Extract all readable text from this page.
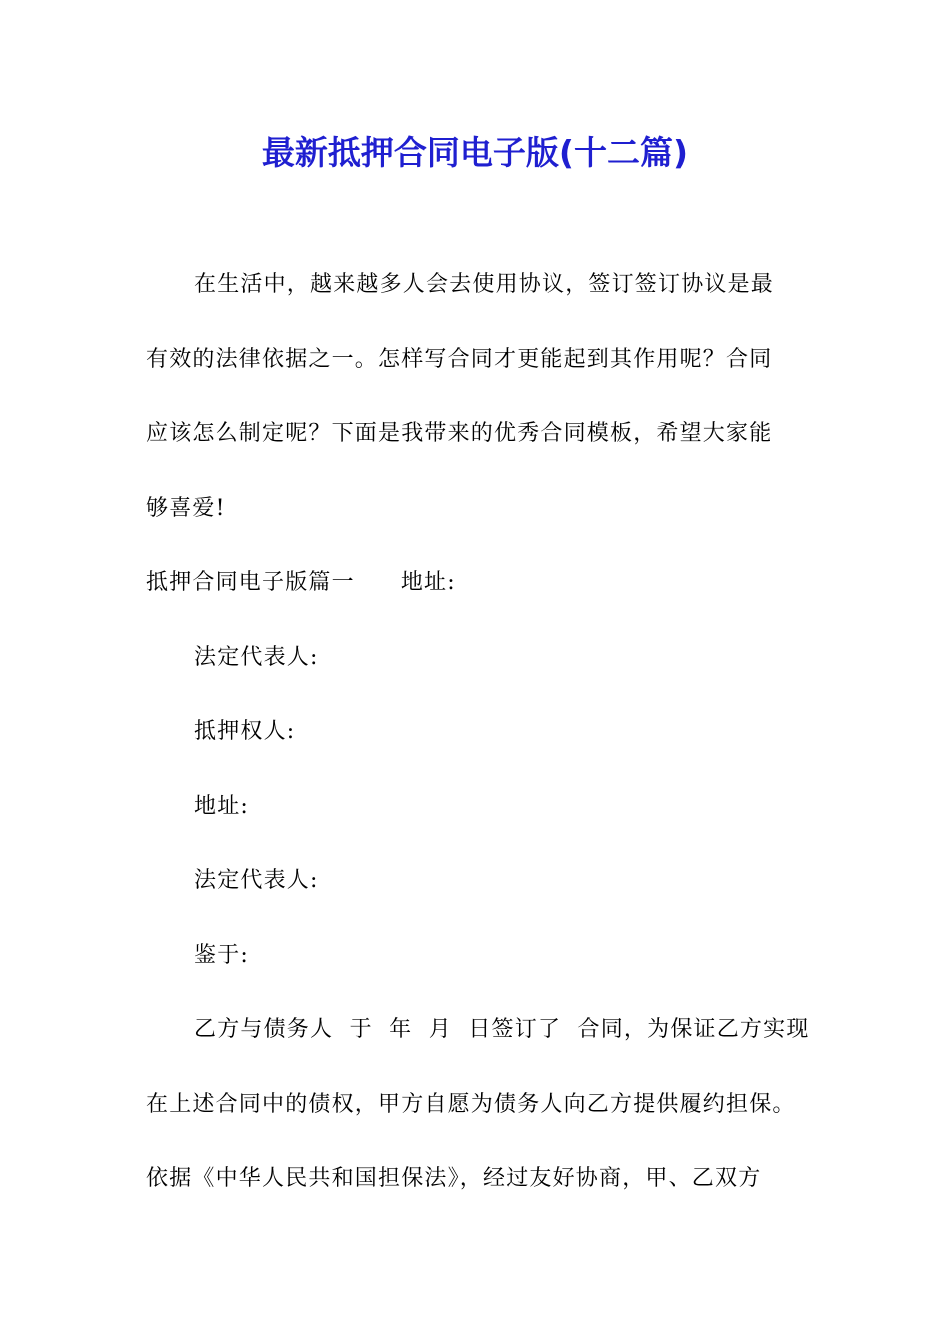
最新抵押合同电子版(十二篇)
在生活中，越来越多人会去使用协议，签订签订协议是最
有效的法律依据之一。怎样写合同才更能起到其作用呢？合同
应该怎么制定呢？下面是我带来的优秀合同模板，希望大家能
够喜爱!
抵押合同电子版篇一 地址:
法定代表人:
抵押权人:
地址:
法定代表人:
鉴于:
乙方与债务人  于  年  月  日签订了  合同，为保证乙方实现
在上述合同中的债权，甲方自愿为债务人向乙方提供履约担保。
依据《中华人民共和国担保法》，经过友好协商，甲、乙双方
